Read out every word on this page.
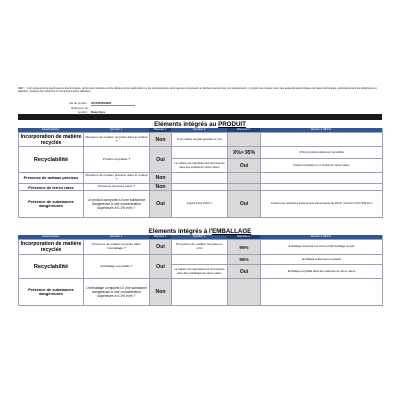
REP : " L'ors équipements électriques et électroniques, qu'ils soient destinés à être utilisés par les particuliers ou les professionnels, ainsi que les composants et déchets générés par ces équipements, y compris les métaux rares des appareils électroniques de haute technologie, particulièrement les téléphones et tablettes, puissent être collectés et réemployés après utilisation
Clé de produit : 3515059094884
Référence du produit : Deep Eyes
Eléments intégrés au PRODUIT
Caractéristique	Question 1	Réponse 1	Question 2	Réponse 2	Mention à afficher
Incorporation de matière recyclée	Présence de matière recyclée dans le produit ?	Non	% de matière recyclée générée en m/m		
Recyclabilité	Produit recyclable ?	Oui		X%> 95%	[X%] du produit entièrement recyclable
			La matière est majoritairement réincorporée dans des produits de même nature	Oui	Produit recyclable en un produit de même nature
Présence de métaux précieux	Présence de métaux précieux dans le produit ?	Non			
Présence de terres rares	Présence de terres rares ?	Non			
Présence de substances dangereuses	Le produit comporte-t-il une substance dangereuse à une concentration supérieure à 0,1% m/m ?	Oui	S'agit-il d'une SVHC ?	Oui	Contient une substance extrêmement préoccupante de Plomb / Numéro CAS 7439-92-1
Eléments intégrés à l'EMBALLAGE
Caractéristique	Question 1	Réponse 1	Question 2	Réponse 2	Mention à afficher
Incorporation de matière recyclée	Présence de matière recyclée dans l'emballage ?	Oui	Proportion de matière recyclée en m/m	95%	Emballage comportant au moins [x%]d'emballage recyclé
Recyclabilité	Emballage recyclable ?	Oui		95%	Emballage entièrement recyclable
			La matière est majoritairement réincorporée dans des emballages de même nature	Oui	Emballage recyclable dans des matériaux de même nature
Présence de substances dangereuses	L'emballage comporte-t-il une substance dangereuse à une concentration supérieure à 0,1% m/m ?	Non			
